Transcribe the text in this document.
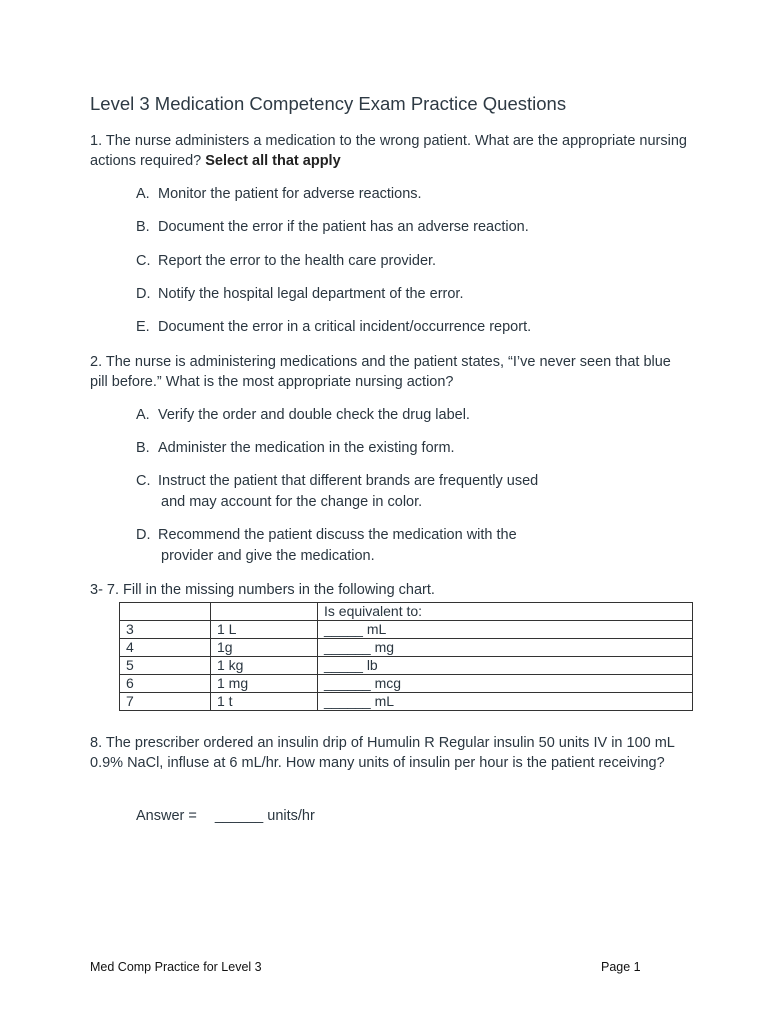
Level 3 Medication Competency Exam Practice Questions
1. The nurse administers a medication to the wrong patient. What are the appropriate nursing actions required? Select all that apply
A. Monitor the patient for adverse reactions.
B. Document the error if the patient has an adverse reaction.
C. Report the error to the health care provider.
D. Notify the hospital legal department of the error.
E. Document the error in a critical incident/occurrence report.
2. The nurse is administering medications and the patient states, “I’ve never seen that blue pill before.” What is the most appropriate nursing action?
A. Verify the order and double check the drug label.
B. Administer the medication in the existing form.
C. Instruct the patient that different brands are frequently used
and may account for the change in color.
D. Recommend the patient discuss the medication with the
provider and give the medication.
3- 7. Fill in the missing numbers in the following chart.
		Is equivalent to:
3	1 L	_____ mL
4	1g	______ mg
5	1 kg	_____ lb
6	1 mg	______ mcg
7	1 t	______ mL
8. The prescriber ordered an insulin drip of Humulin R Regular insulin 50 units IV in 100 mL 0.9% NaCl, influse at 6 mL/hr. How many units of insulin per hour is the patient receiving?
Answer = ______ units/hr
Med Comp Practice for Level 3	Page 1
